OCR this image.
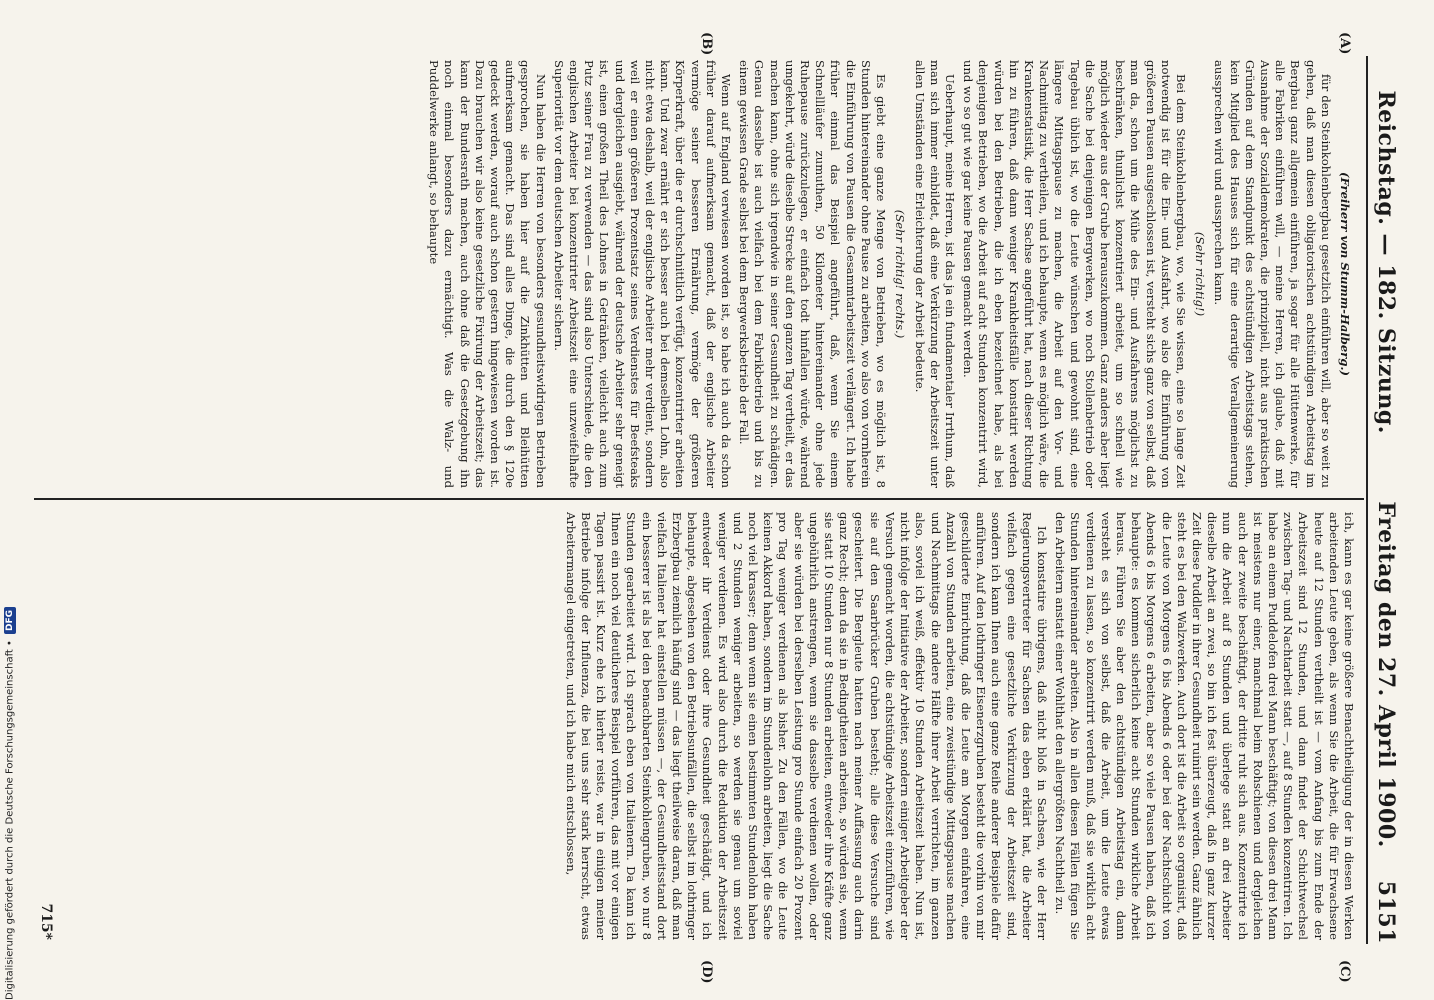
Digitalisierung gefördert durch die Deutsche Forschungsgemeinschaft •
DFG
Reichstag. — 182. Sitzung.
Freitag den 27. April 1900.
5151
(A)
(B)
(C)
(D)

(Freiherr von Stumm-Halberg.)

für den Steinkohlenbergbau gesetzlich einführen will, aber so weit zu gehen, daß man diesen obligatorischen achtstündigen Arbeitstag im Bergbau ganz allgemein einführen, ja sogar für alle Hüttenwerke, für alle Fabriken einführen will, — meine Herren, ich glaube, daß mit Ausnahme der Sozialdemokraten, die prinzipiell, nicht aus praktischen Gründen auf dem Standpunkt des achtstündigen Arbeitstags stehen, kein Mitglied des Hauses sich für eine derartige Verallgemeinerung aussprechen wird und aussprechen kann.

(Sehr richtig!)

Bei dem Steinkohlenbergbau, wo, wie Sie wissen, eine so lange Zeit notwendig ist für die Ein- und Ausfahrt, wo also die Einführung von größeren Pausen ausgeschlossen ist, versteht sichs ganz von selbst, daß man da, schon um die Mühe des Ein- und Ausfahrens möglichst zu beschränken, thunlichst konzentriert arbeitet, um so schnell wie möglich wieder aus der Grube herauszukommen. Ganz anders aber liegt die Sache bei denjenigen Bergwerken, wo noch Stollenbetrieb oder Tagebau üblich ist, wo die Leute wünschen und gewohnt sind, eine längere Mittagspause zu machen, die Arbeit auf den Vor- und Nachmittag zu vertheilen, und ich behaupte, wenn es möglich wäre, die Krankenstatistik, die Herr Sachse angeführt hat, nach dieser Richtung hin zu führen, daß dann weniger Krankheitsfälle konstatirt werden würden bei den Betrieben, die ich eben bezeichnet habe, als bei denjenigen Betrieben, wo die Arbeit auf acht Stunden konzentrirt wird, und wo so gut wie gar keine Pausen gemacht werden.

Ueberhaupt, meine Herren, ist das ja ein fundamentaler Irrthum, daß man sich immer einbildet, daß eine Verkürzung der Arbeitszeit unter allen Umständen eine Erleichterung der Arbeit bedeute.

(Sehr richtig! rechts.)

Es giebt eine ganze Menge von Betrieben, wo es möglich ist, 8 Stunden hintereinander ohne Pause zu arbeiten, wo also von vornherein die Einführung von Pausen die Gesammtarbeitszeit verlängert. Ich habe früher einmal das Beispiel angeführt, daß, wenn Sie einem Schnellläufer zumuthen, 50 Kilometer hintereinander ohne jede Ruhepause zurückzulegen, er einfach todt hinfallen würde, während umgekehrt, würde dieselbe Strecke auf den ganzen Tag vertheilt, er das machen kann, ohne sich irgendwie in seiner Gesundheit zu schädigen. Genau dasselbe ist auch vielfach bei dem Fabrikbetrieb und bis zu einem gewissen Grade selbst bei dem Bergwerksbetrieb der Fall.

Wenn auf England verwiesen worden ist, so habe ich auch da schon früher darauf aufmerksam gemacht, daß der englische Arbeiter vermöge seiner besseren Ernährung, vermöge der größeren Körperkraft, über die er durchschnittlich verfügt, konzentrirter arbeiten kann. Und zwar ernährt er sich besser auch bei demselben Lohn, also nicht etwa deshalb, weil der englische Arbeiter mehr verdient, sondern weil er einen größeren Prozentsatz seines Verdienstes für Beefsteaks und dergleichen ausgiebt, während der deutsche Arbeiter sehr geneigt ist, einen großen Theil des Lohnes in Getränken, vielleicht auch zum Putz seiner Frau zu verwenden — das sind also Unterschiede, die den englischen Arbeiter bei konzentrirter Arbeitszeit eine unzweifelhafte Superiorität vor dem deutschen Arbeiter sichern.

Nun haben die Herren von besonders gesundheitswidrigen Betrieben gesprochen, sie haben hier auf die Zinkhütten und Bleihütten aufmerksam gemacht. Das sind alles Dinge, die durch den § 120e gedeckt werden, worauf auch schon gestern hingewiesen worden ist. Dazu brauchen wir also keine gesetzliche Fixirung der Arbeitszeit; das kann der Bundesrath machen, auch ohne daß die Gesetzgebung ihn noch einmal besonders dazu ermächtigt. Was die Walz- und Puddelwerke anlangt, so behaupte

ich, kann es gar keine größere Benachtheiligung der in diesen Werken arbeitenden Leute geben, als wenn Sie die Arbeit, die für Erwachsene heute auf 12 Stunden vertheilt ist — vom Anfang bis zum Ende der Arbeitszeit sind 12 Stunden, und dann findet der Schichtwechsel zwischen Tag- und Nachtarbeit statt —, auf 8 Stunden konzentriren. Ich habe an einem Puddelofen drei Mann beschäftigt; von diesen drei Mann ist meistens nur einer, manchmal beim Rohschienen und dergleichen auch der zweite beschäftigt, der dritte ruht sich aus. Konzentrirte ich nun die Arbeit auf 8 Stunden und überlege statt an drei Arbeiter dieselbe Arbeit an zwei, so bin ich fest überzeugt, daß in ganz kurzer Zeit diese Puddler in ihrer Gesundheit ruinirt sein werden. Ganz ähnlich steht es bei den Walzwerken. Auch dort ist die Arbeit so organisirt, daß die Leute von Morgens 6 bis Abends 6 oder bei der Nachtschicht von Abends 6 bis Morgens 6 arbeiten, aber so viele Pausen haben, daß ich behaupte: es kommen sicherlich keine acht Stunden wirkliche Arbeit heraus. Führen Sie aber den achtstündigen Arbeitstag ein, dann versteht es sich von selbst, daß die Arbeit, um die Leute etwas verdienen zu lassen, so konzentrirt werden muß, daß sie wirklich acht Stunden hintereinander arbeiten. Also in allen diesen Fällen fügen Sie den Arbeitern anstatt einer Wohlthat den allergrößten Nachtheil zu.

Ich konstatire übrigens, daß nicht bloß in Sachsen, wie der Herr Regierungsvertreter für Sachsen das eben erklärt hat, die Arbeiter vielfach gegen eine gesetzliche Verkürzung der Arbeitszeit sind, sondern ich kann Ihnen auch eine ganze Reihe anderer Beispiele dafür anführen. Auf den lothringer Eisenerzgruben besteht die vorhin von mir geschilderte Einrichtung, daß die Leute am Morgen einfahren, eine Anzahl von Stunden arbeiten, eine zweistündige Mittagspause machen und Nachmittags die andere Hälfte ihrer Arbeit verrichten, im ganzen also, soviel ich weiß, effektiv 10 Stunden Arbeitszeit haben. Nun ist, nicht infolge der Initiative der Arbeiter, sondern einiger Arbeitgeber der Versuch gemacht worden, die achtstündige Arbeitszeit einzuführen, wie sie auf den Saarbrücker Gruben besteht; alle diese Versuche sind gescheitert. Die Bergleute hatten nach meiner Auffassung auch darin ganz Recht; denn da sie in Bedingtheiten arbeiten, so würden sie, wenn sie statt 10 Stunden nur 8 Stunden arbeiten, entweder ihre Kräfte ganz ungebührlich anstrengen, wenn sie dasselbe verdienen wollen, oder aber sie würden bei derselben Leistung pro Stunde einfach 20 Prozent pro Tag weniger verdienen als bisher. Zu den Fällen, wo die Leute keinen Akkord haben, sondern im Stundenlohn arbeiten, liegt die Sache noch viel krasser; denn wenn sie einen bestimmten Stundenlohn haben und 2 Stunden weniger arbeiten, so werden sie genau um soviel weniger verdienen. Es wird also durch die Reduktion der Arbeitszeit entweder ihr Verdienst oder ihre Gesundheit geschädigt, und ich behaupte, abgesehen von den Betriebsunfällen, die selbst im lothringer Erzbergbau ziemlich häufig sind — das liegt theilweise daran, daß man vielfach Italiener hat einstellen müssen —, der Gesundheitsstand dort ein besserer ist als bei den benachbarten Steinkohlengruben, wo nur 8 Stunden gearbeitet wird. Ich sprach eben von Italienern. Da kann ich Ihnen ein noch viel deutlicheres Beispiel vorführen, das mit vor einigen Tagen passirt ist. Kurz ehe ich hierher reiste, war in einigen meiner Betriebe infolge der Influenza, die bei uns sehr stark herrscht, etwas Arbeitermangel eingetreten, und ich habe mich entschlossen,

715*
